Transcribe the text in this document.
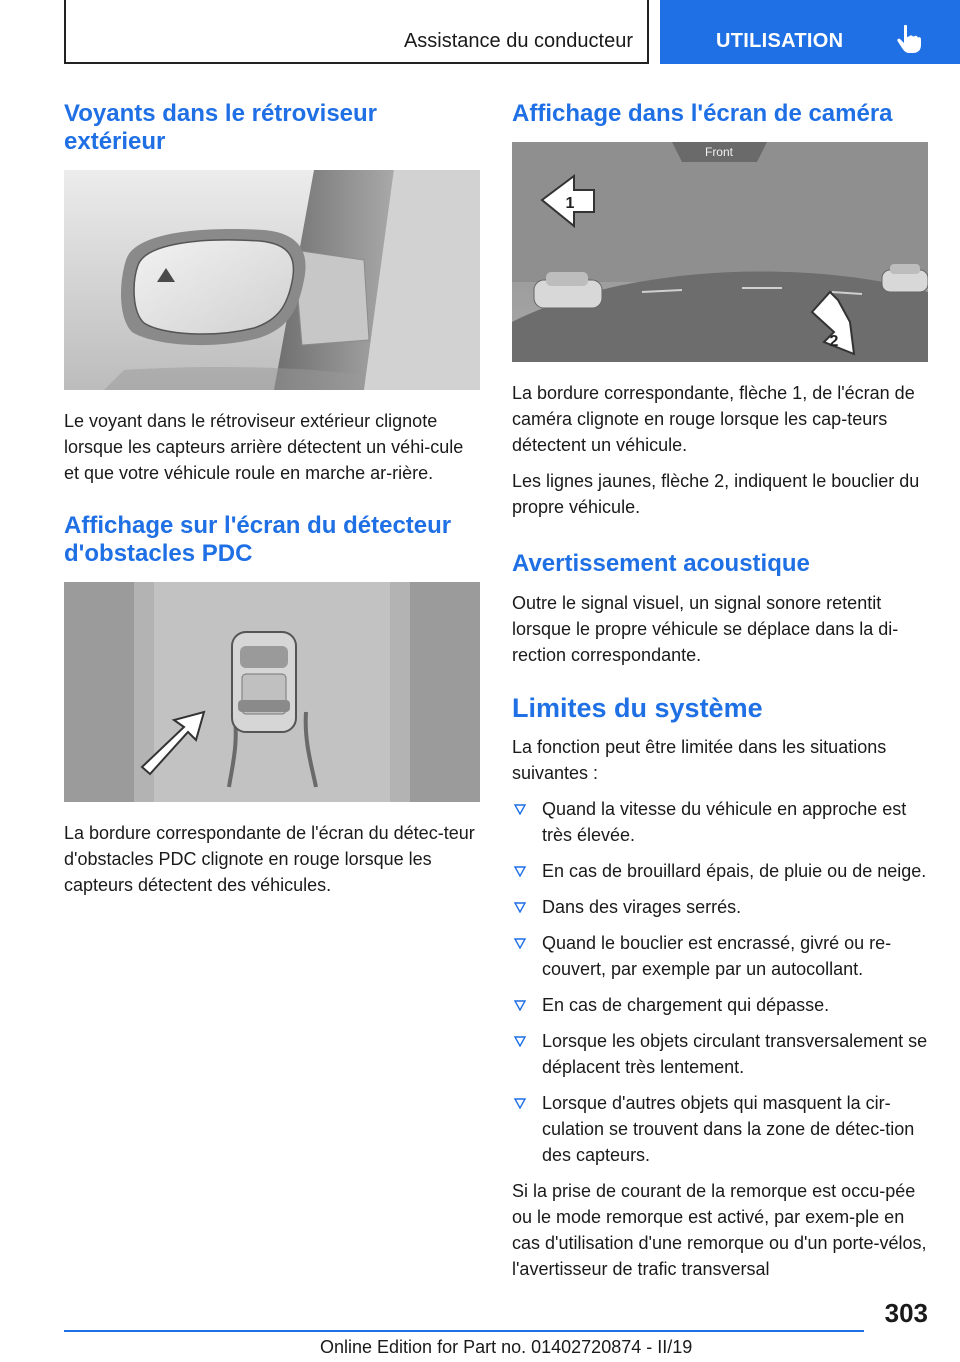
Assistance du conducteur	UTILISATION
Voyants dans le rétroviseur extérieur

Le voyant dans le rétroviseur extérieur clignote lorsque les capteurs arrière détectent un véhi-cule et que votre véhicule roule en marche ar-rière.

Affichage sur l'écran du détecteur d'obstacles PDC

La bordure correspondante de l'écran du détec-teur d'obstacles PDC clignote en rouge lorsque les capteurs détectent des véhicules.

Affichage dans l'écran de caméra
Front
1
2

La bordure correspondante, flèche 1, de l'écran de caméra clignote en rouge lorsque les cap-teurs détectent un véhicule.

Les lignes jaunes, flèche 2, indiquent le bouclier du propre véhicule.

Avertissement acoustique

Outre le signal visuel, un signal sonore retentit lorsque le propre véhicule se déplace dans la di-rection correspondante.

Limites du système

La fonction peut être limitée dans les situations suivantes :

Quand la vitesse du véhicule en approche est très élevée.
En cas de brouillard épais, de pluie ou de neige.
Dans des virages serrés.
Quand le bouclier est encrassé, givré ou re-couvert, par exemple par un autocollant.
En cas de chargement qui dépasse.
Lorsque les objets circulant transversalement se déplacent très lentement.
Lorsque d'autres objets qui masquent la cir-culation se trouvent dans la zone de détec-tion des capteurs.

Si la prise de courant de la remorque est occu-pée ou le mode remorque est activé, par exem-ple en cas d'utilisation d'une remorque ou d'un porte-vélos, l'avertisseur de trafic transversal

303
Online Edition for Part no. 01402720874 - II/19
